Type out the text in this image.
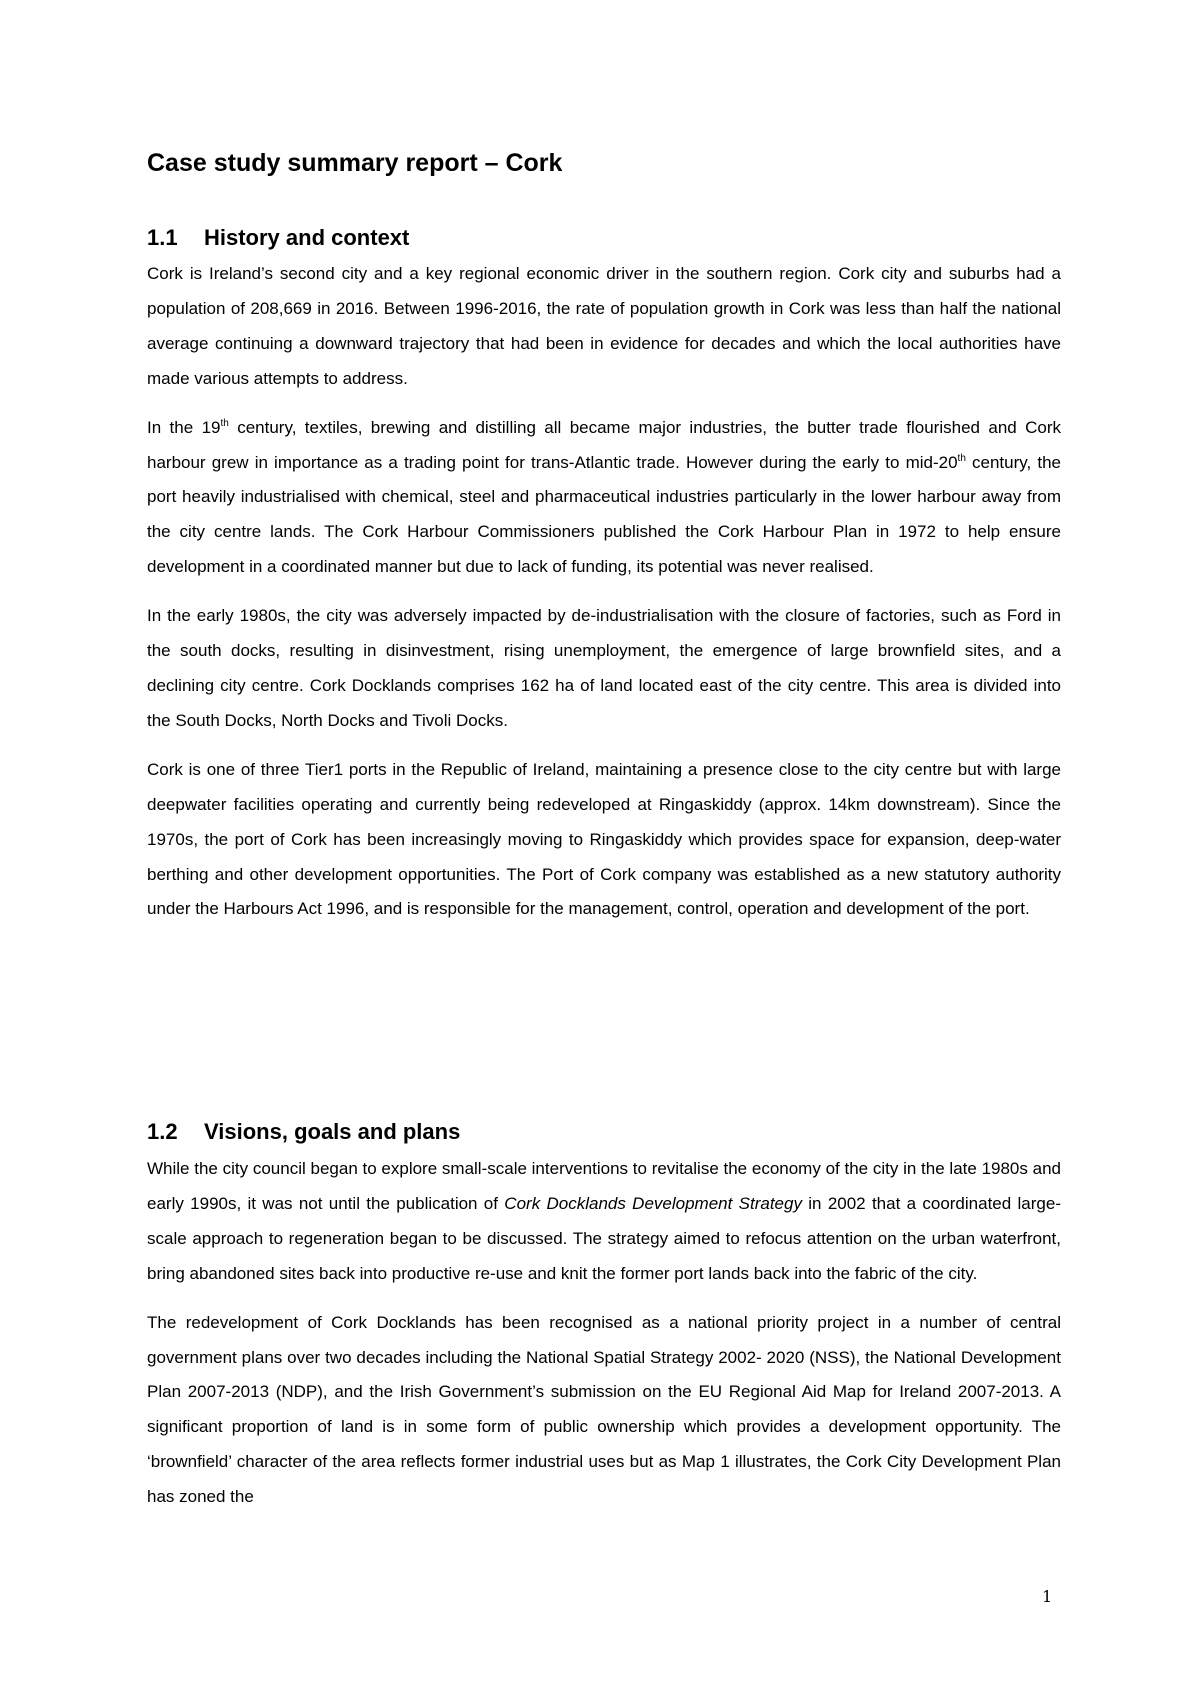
Case study summary report – Cork
1.1 History and context

Cork is Ireland’s second city and a key regional economic driver in the southern region. Cork city and suburbs had a population of 208,669 in 2016. Between 1996-2016, the rate of population growth in Cork was less than half the national average continuing a downward trajectory that had been in evidence for decades and which the local authorities have made various attempts to address.

In the 19th century, textiles, brewing and distilling all became major industries, the butter trade flourished and Cork harbour grew in importance as a trading point for trans-Atlantic trade. However during the early to mid-20th century, the port heavily industrialised with chemical, steel and pharmaceutical industries particularly in the lower harbour away from the city centre lands. The Cork Harbour Commissioners published the Cork Harbour Plan in 1972 to help ensure development in a coordinated manner but due to lack of funding, its potential was never realised.

In the early 1980s, the city was adversely impacted by de-industrialisation with the closure of factories, such as Ford in the south docks, resulting in disinvestment, rising unemployment, the emergence of large brownfield sites, and a declining city centre. Cork Docklands comprises 162 ha of land located east of the city centre. This area is divided into the South Docks, North Docks and Tivoli Docks.

Cork is one of three Tier1 ports in the Republic of Ireland, maintaining a presence close to the city centre but with large deepwater facilities operating and currently being redeveloped at Ringaskiddy (approx. 14km downstream). Since the 1970s, the port of Cork has been increasingly moving to Ringaskiddy which provides space for expansion, deep-water berthing and other development opportunities. The Port of Cork company was established as a new statutory authority under the Harbours Act 1996, and is responsible for the management, control, operation and development of the port.

1.2 Visions, goals and plans

While the city council began to explore small-scale interventions to revitalise the economy of the city in the late 1980s and early 1990s, it was not until the publication of Cork Docklands Development Strategy in 2002 that a coordinated large-scale approach to regeneration began to be discussed. The strategy aimed to refocus attention on the urban waterfront, bring abandoned sites back into productive re-use and knit the former port lands back into the fabric of the city.

The redevelopment of Cork Docklands has been recognised as a national priority project in a number of central government plans over two decades including the National Spatial Strategy 2002- 2020 (NSS), the National Development Plan 2007-2013 (NDP), and the Irish Government’s submission on the EU Regional Aid Map for Ireland 2007-2013. A significant proportion of land is in some form of public ownership which provides a development opportunity. The ‘brownfield’ character of the area reflects former industrial uses but as Map 1 illustrates, the Cork City Development Plan has zoned the

1
